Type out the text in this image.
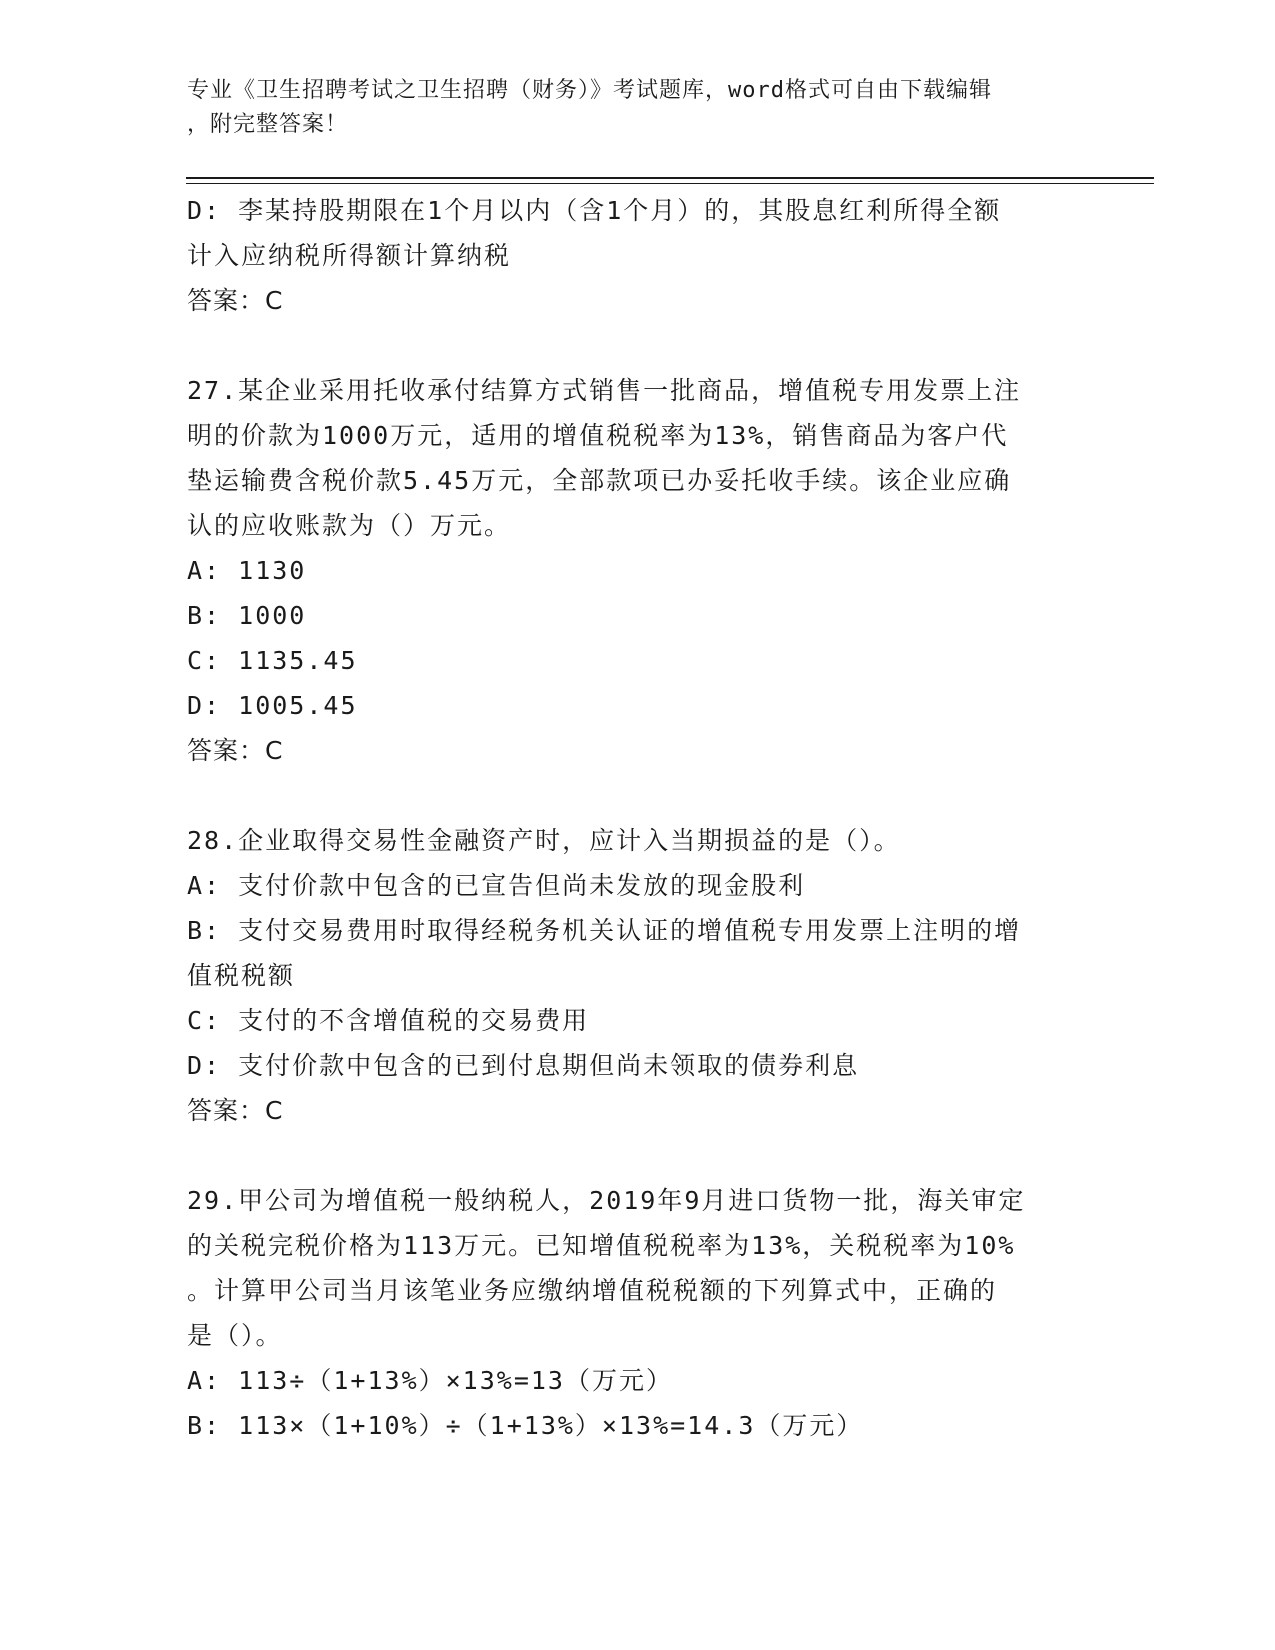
专业《卫生招聘考试之卫生招聘（财务）》考试题库，word格式可自由下载编辑
，附完整答案！
D: 李某持股期限在1个月以内（含1个月）的，其股息红利所得全额
计入应纳税所得额计算纳税
答案：C
27.某企业采用托收承付结算方式销售一批商品，增值税专用发票上注
明的价款为1000万元，适用的增值税税率为13%，销售商品为客户代
垫运输费含税价款5.45万元，全部款项已办妥托收手续。该企业应确
认的应收账款为（）万元。
A: 1130
B: 1000
C: 1135.45
D: 1005.45
答案：C
28.企业取得交易性金融资产时，应计入当期损益的是（）。
A: 支付价款中包含的已宣告但尚未发放的现金股利
B: 支付交易费用时取得经税务机关认证的增值税专用发票上注明的增
值税税额
C: 支付的不含增值税的交易费用
D: 支付价款中包含的已到付息期但尚未领取的债券利息
答案：C
29.甲公司为增值税一般纳税人，2019年9月进口货物一批，海关审定
的关税完税价格为113万元。已知增值税税率为13%，关税税率为10%
。计算甲公司当月该笔业务应缴纳增值税税额的下列算式中，正确的
是（）。
A: 113÷（1+13%）×13%=13（万元）
B: 113×（1+10%）÷（1+13%）×13%=14.3（万元）
